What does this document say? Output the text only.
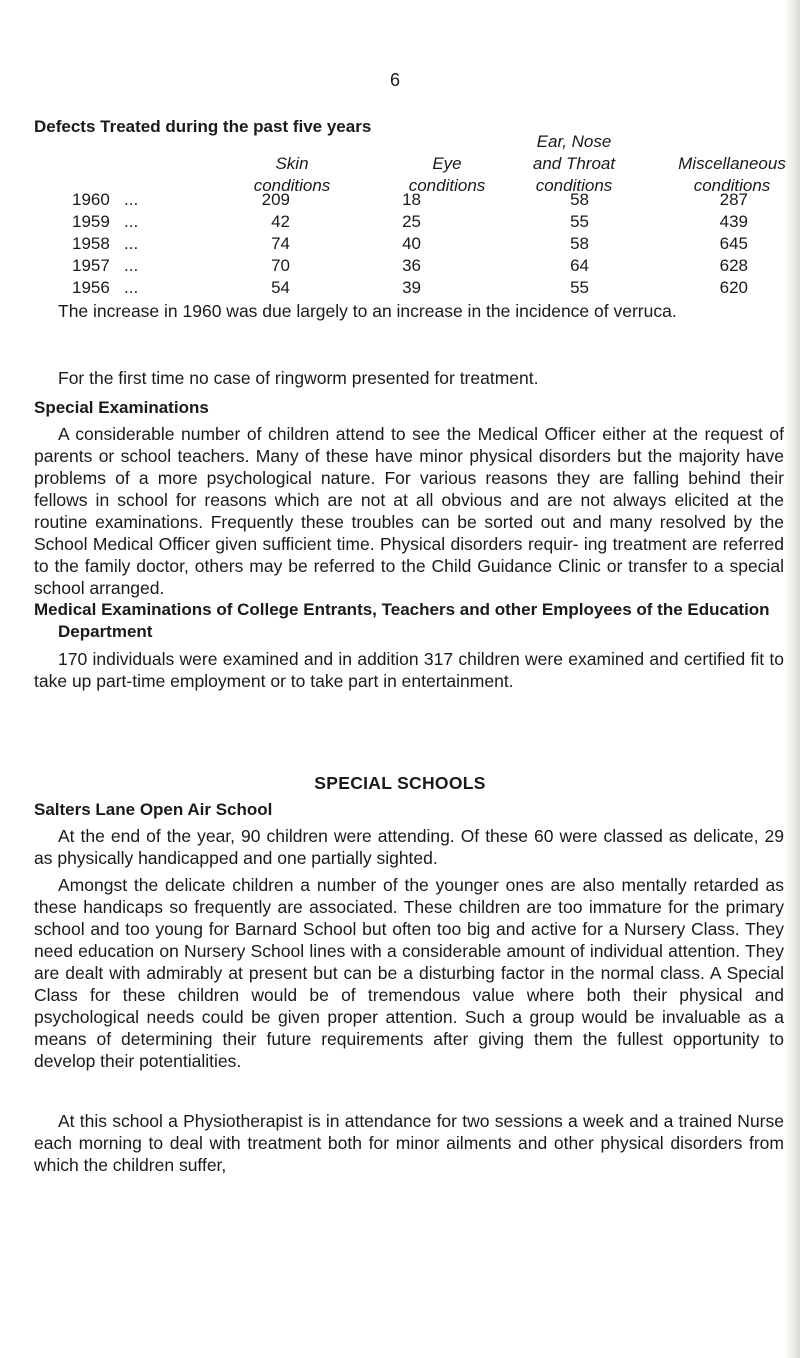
6
Defects Treated during the past five years
Skin
conditions
Eye
conditions
Ear, Nose
and Throat
conditions
Miscellaneous
conditions
1960 ...	209	18	58	287
1959 ...	42	25	55	439
1958 ...	74	40	58	645
1957 ...	70	36	64	628
1956 ...	54	39	55	620
The increase in 1960 was due largely to an increase in the incidence of verruca.
For the first time no case of ringworm presented for treatment.
Special Examinations
A considerable number of children attend to see the Medical Officer either at the request of parents or school teachers. Many of these have minor physical disorders but the majority have problems of a more psychological nature. For various reasons they are falling behind their fellows in school for reasons which are not at all obvious and are not always elicited at the routine examinations. Frequently these troubles can be sorted out and many resolved by the School Medical Officer given sufficient time. Physical disorders requir- ing treatment are referred to the family doctor, others may be referred to the Child Guidance Clinic or transfer to a special school arranged.
Medical Examinations of College Entrants, Teachers and other Employees of the Education Department
170 individuals were examined and in addition 317 children were examined and certified fit to take up part-time employment or to take part in entertainment.
SPECIAL SCHOOLS
Salters Lane Open Air School
At the end of the year, 90 children were attending. Of these 60 were classed as delicate, 29 as physically handicapped and one partially sighted.
Amongst the delicate children a number of the younger ones are also mentally retarded as these handicaps so frequently are associated. These children are too immature for the primary school and too young for Barnard School but often too big and active for a Nursery Class. They need education on Nursery School lines with a considerable amount of individual attention. They are dealt with admirably at present but can be a disturbing factor in the normal class. A Special Class for these children would be of tremendous value where both their physical and psychological needs could be given proper attention. Such a group would be invaluable as a means of determining their future requirements after giving them the fullest opportunity to develop their potentialities.
At this school a Physiotherapist is in attendance for two sessions a week and a trained Nurse each morning to deal with treatment both for minor ailments and other physical disorders from which the children suffer,
